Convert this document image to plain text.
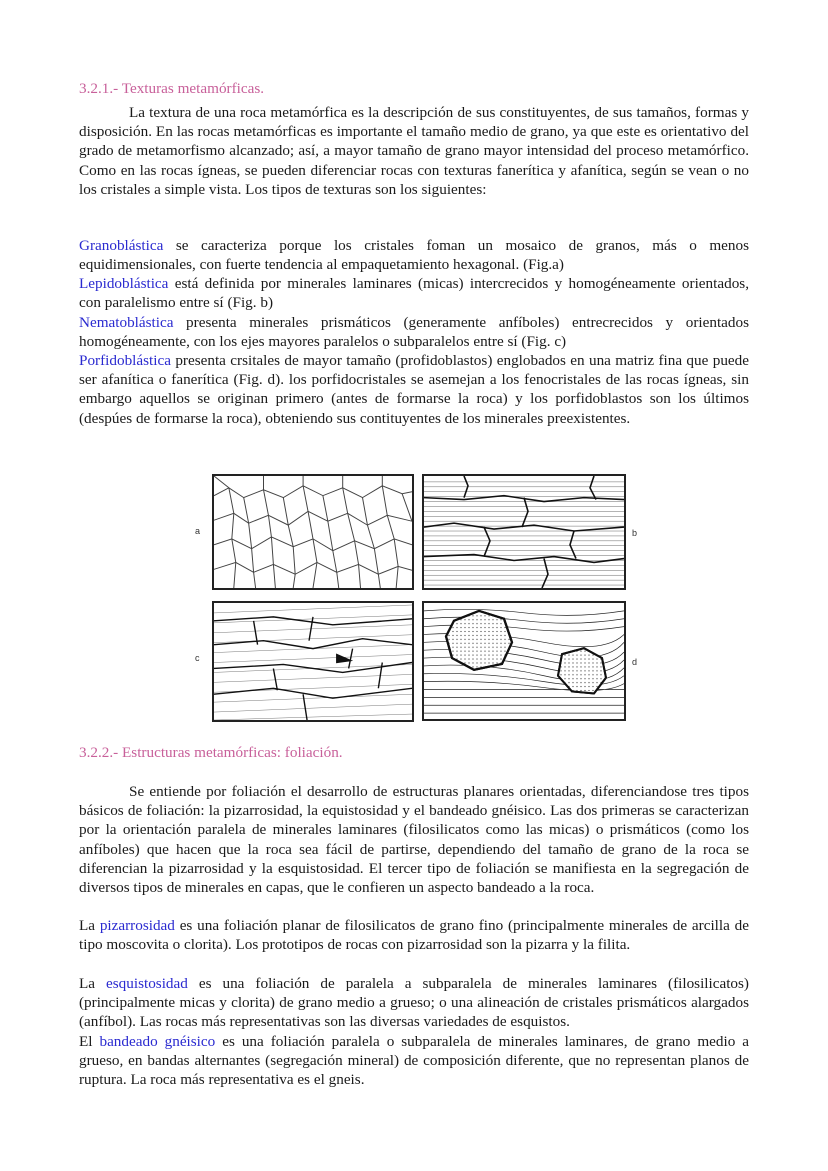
3.2.1.- Texturas metamórficas.

La textura de una roca metamórfica es la descripción de sus constituyentes, de sus tamaños, formas y disposición. En las rocas metamórficas es importante el tamaño medio de grano, ya que este es orientativo del grado de metamorfismo alcanzado; así, a mayor tamaño de grano mayor intensidad del proceso metamórfico. Como en las rocas ígneas, se pueden diferenciar rocas con texturas fanerítica y afanítica, según se vean o no los cristales a simple vista. Los tipos de texturas son los siguientes:

Granoblástica se caracteriza porque los cristales foman un mosaico de granos, más o menos equidimensionales, con fuerte tendencia al empaquetamiento hexagonal. (Fig.a)

Lepidoblástica está definida por minerales laminares (micas) intercrecidos y homogéneamente orientados, con paralelismo entre sí (Fig. b)

Nematoblástica presenta minerales prismáticos (generamente anfíboles) entrecrecidos y orientados homogéneamente, con los ejes mayores paralelos o subparalelos entre sí (Fig. c)

Porfidoblástica presenta crsitales de mayor tamaño (profidoblastos) englobados en una matriz fina que puede ser afanítica o fanerítica (Fig. d). los porfidocristales se asemejan a los fenocristales de las rocas ígneas, sin embargo aquellos se originan primero (antes de formarse la roca) y los porfidoblastos son los últimos (despúes de formarse la roca), obteniendo sus contituyentes de los minerales preexistentes.

a	b
c	d
3.2.2.- Estructuras metamórficas: foliación.

Se entiende por foliación el desarrollo de estructuras planares orientadas, diferenciandose tres tipos básicos de foliación: la pizarrosidad, la equistosidad y el bandeado gnéisico. Las dos primeras se caracterizan por la orientación paralela de minerales laminares (filosilicatos como las micas) o prismáticos (como los anfíboles) que hacen que la roca sea fácil de partirse, dependiendo del tamaño de grano de la roca se diferencian la pizarrosidad y la esquistosidad. El tercer tipo de foliación se manifiesta en la segregación de diversos tipos de minerales en capas, que le confieren un aspecto bandeado a la roca.

La pizarrosidad es una foliación planar de filosilicatos de grano fino (principalmente minerales de arcilla de tipo moscovita o clorita). Los prototipos de rocas con pizarrosidad son la pizarra y la filita.

La esquistosidad es una foliación de paralela a subparalela de minerales laminares (filosilicatos) (principalmente micas y clorita) de grano medio a grueso; o una alineación de cristales prismáticos alargados (anfíbol). Las rocas más representativas son las diversas variedades de esquistos.

El bandeado gnéisico es una foliación paralela o subparalela de minerales laminares, de grano medio a grueso, en bandas alternantes (segregación mineral) de composición diferente, que no representan planos de ruptura. La roca más representativa es el gneis.
